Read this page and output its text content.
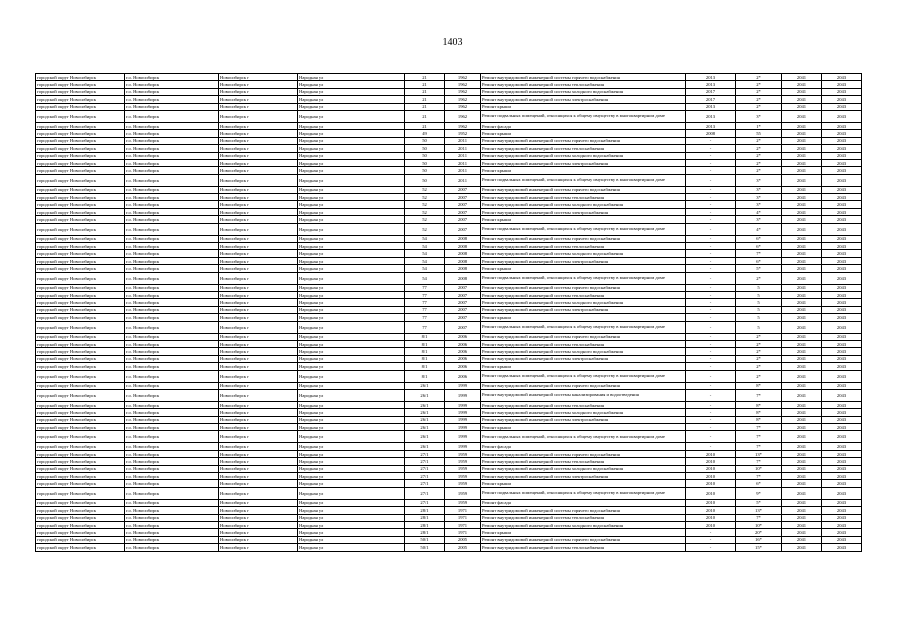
1403
городской округ Новосибирск	г.о. Новосибирск	Новосибирск г	Народная ул	21	1962	Ремонт внутридомовой инженерной системы горячего водоснабжения	2013	2*	2041	2043
городской округ Новосибирск	г.о. Новосибирск	Новосибирск г	Народная ул	21	1962	Ремонт внутридомовой инженерной системы теплоснабжения	2013	2*	2041	2043
городской округ Новосибирск	г.о. Новосибирск	Новосибирск г	Народная ул	21	1962	Ремонт внутридомовой инженерной системы холодного водоснабжения	2017	2*	2041	2043
городской округ Новосибирск	г.о. Новосибирск	Новосибирск г	Народная ул	21	1962	Ремонт внутридомовой инженерной системы электроснабжения	2017	2*	2041	2043
городской округ Новосибирск	г.о. Новосибирск	Новосибирск г	Народная ул	21	1962	Ремонт крыши	2013	2*	2041	2043
городской округ Новосибирск	г.о. Новосибирск	Новосибирск г	Народная ул	21	1962	Ремонт подвальных помещений, относящихся к общему имуществу в многоквартирном доме	2013	3*	2041	2043
городской округ Новосибирск	г.о. Новосибирск	Новосибирск г	Народная ул	21	1962	Ремонт фасада	2013	1*	2041	2043
городской округ Новосибирск	г.о. Новосибирск	Новосибирск г	Народная ул	49	1952	Ремонт крыши	2008	55	2041	2043
городской округ Новосибирск	г.о. Новосибирск	Новосибирск г	Народная ул	50	2011	Ремонт внутридомовой инженерной системы горячего водоснабжения	-	2*	2041	2043
городской округ Новосибирск	г.о. Новосибирск	Новосибирск г	Народная ул	50	2011	Ремонт внутридомовой инженерной системы теплоснабжения	-	2*	2041	2043
городской округ Новосибирск	г.о. Новосибирск	Новосибирск г	Народная ул	50	2011	Ремонт внутридомовой инженерной системы холодного водоснабжения	-	2*	2041	2043
городской округ Новосибирск	г.о. Новосибирск	Новосибирск г	Народная ул	50	2011	Ремонт внутридомовой инженерной системы электроснабжения	-	2*	2041	2043
городской округ Новосибирск	г.о. Новосибирск	Новосибирск г	Народная ул	50	2011	Ремонт крыши	-	2*	2041	2043
городской округ Новосибирск	г.о. Новосибирск	Новосибирск г	Народная ул	50	2011	Ремонт подвальных помещений, относящихся к общему имуществу в многоквартирном доме	-	3*	2041	2043
городской округ Новосибирск	г.о. Новосибирск	Новосибирск г	Народная ул	52	2007	Ремонт внутридомовой инженерной системы горячего водоснабжения	-	3*	2041	2043
городской округ Новосибирск	г.о. Новосибирск	Новосибирск г	Народная ул	52	2007	Ремонт внутридомовой инженерной системы теплоснабжения	-	3*	2041	2043
городской округ Новосибирск	г.о. Новосибирск	Новосибирск г	Народная ул	52	2007	Ремонт внутридомовой инженерной системы холодного водоснабжения	-	3*	2041	2043
городской округ Новосибирск	г.о. Новосибирск	Новосибирск г	Народная ул	52	2007	Ремонт внутридомовой инженерной системы электроснабжения	-	4*	2041	2043
городской округ Новосибирск	г.о. Новосибирск	Новосибирск г	Народная ул	52	2007	Ремонт крыши	-	3*	2041	2043
городской округ Новосибирск	г.о. Новосибирск	Новосибирск г	Народная ул	52	2007	Ремонт подвальных помещений, относящихся к общему имуществу в многоквартирном доме	-	4*	2041	2043
городской округ Новосибирск	г.о. Новосибирск	Новосибирск г	Народная ул	54	2008	Ремонт внутридомовой инженерной системы горячего водоснабжения	-	6*	2041	2043
городской округ Новосибирск	г.о. Новосибирск	Новосибирск г	Народная ул	54	2008	Ремонт внутридомовой инженерной системы теплоснабжения	-	6*	2041	2043
городской округ Новосибирск	г.о. Новосибирск	Новосибирск г	Народная ул	54	2008	Ремонт внутридомовой инженерной системы холодного водоснабжения	-	7*	2041	2043
городской округ Новосибирск	г.о. Новосибирск	Новосибирск г	Народная ул	54	2008	Ремонт внутридомовой инженерной системы электроснабжения	-	6*	2041	2043
городской округ Новосибирск	г.о. Новосибирск	Новосибирск г	Народная ул	54	2008	Ремонт крыши	-	5*	2041	2043
городской округ Новосибирск	г.о. Новосибирск	Новосибирск г	Народная ул	54	2008	Ремонт подвальных помещений, относящихся к общему имуществу в многоквартирном доме	-	2*	2041	2043
городской округ Новосибирск	г.о. Новосибирск	Новосибирск г	Народная ул	77	2007	Ремонт внутридомовой инженерной системы горячего водоснабжения	-	5	2041	2043
городской округ Новосибирск	г.о. Новосибирск	Новосибирск г	Народная ул	77	2007	Ремонт внутридомовой инженерной системы теплоснабжения	-	5	2041	2043
городской округ Новосибирск	г.о. Новосибирск	Новосибирск г	Народная ул	77	2007	Ремонт внутридомовой инженерной системы холодного водоснабжения	-	5	2041	2043
городской округ Новосибирск	г.о. Новосибирск	Новосибирск г	Народная ул	77	2007	Ремонт внутридомовой инженерной системы электроснабжения	-	5	2041	2043
городской округ Новосибирск	г.о. Новосибирск	Новосибирск г	Народная ул	77	2007	Ремонт крыши	-	5	2041	2043
городской округ Новосибирск	г.о. Новосибирск	Новосибирск г	Народная ул	77	2007	Ремонт подвальных помещений, относящихся к общему имуществу в многоквартирном доме	-	5	2041	2043
городской округ Новосибирск	г.о. Новосибирск	Новосибирск г	Народная ул	8/1	2006	Ремонт внутридомовой инженерной системы горячего водоснабжения	-	2*	2041	2043
городской округ Новосибирск	г.о. Новосибирск	Новосибирск г	Народная ул	8/1	2006	Ремонт внутридомовой инженерной системы теплоснабжения	-	2*	2041	2043
городской округ Новосибирск	г.о. Новосибирск	Новосибирск г	Народная ул	8/1	2006	Ремонт внутридомовой инженерной системы холодного водоснабжения	-	2*	2041	2043
городской округ Новосибирск	г.о. Новосибирск	Новосибирск г	Народная ул	8/1	2006	Ремонт внутридомовой инженерной системы электроснабжения	-	2*	2041	2043
городской округ Новосибирск	г.о. Новосибирск	Новосибирск г	Народная ул	8/1	2006	Ремонт крыши	-	2*	2041	2043
городской округ Новосибирск	г.о. Новосибирск	Новосибирск г	Народная ул	8/1	2006	Ремонт подвальных помещений, относящихся к общему имуществу в многоквартирном доме	-	2*	2041	2043
городской округ Новосибирск	г.о. Новосибирск	Новосибирск г	Народная ул	26/1	1999	Ремонт внутридомовой инженерной системы горячего водоснабжения	-	8*	2041	2043
городской округ Новосибирск	г.о. Новосибирск	Новосибирск г	Народная ул	26/1	1999	Ремонт внутридомовой инженерной системы канализирования и водоотведения	-	7*	2041	2043
городской округ Новосибирск	г.о. Новосибирск	Новосибирск г	Народная ул	26/1	1999	Ремонт внутридомовой инженерной системы теплоснабжения	-	8*	2041	2043
городской округ Новосибирск	г.о. Новосибирск	Новосибирск г	Народная ул	26/1	1999	Ремонт внутридомовой инженерной системы холодного водоснабжения	-	8*	2041	2043
городской округ Новосибирск	г.о. Новосибирск	Новосибирск г	Народная ул	26/1	1999	Ремонт внутридомовой инженерной системы электроснабжения	-	8*	2041	2043
городской округ Новосибирск	г.о. Новосибирск	Новосибирск г	Народная ул	26/1	1999	Ремонт крыши	-	7*	2041	2043
городской округ Новосибирск	г.о. Новосибирск	Новосибирск г	Народная ул	26/1	1999	Ремонт подвальных помещений, относящихся к общему имуществу в многоквартирном доме	-	7*	2041	2043
городской округ Новосибирск	г.о. Новосибирск	Новосибирск г	Народная ул	26/1	1999	Ремонт фасада	-	7*	2041	2043
городской округ Новосибирск	г.о. Новосибирск	Новосибирск г	Народная ул	27/1	1959	Ремонт внутридомовой инженерной системы горячего водоснабжения	2010	13*	2041	2043
городской округ Новосибирск	г.о. Новосибирск	Новосибирск г	Народная ул	27/1	1959	Ремонт внутридомовой инженерной системы теплоснабжения	2010	7*	2041	2043
городской округ Новосибирск	г.о. Новосибирск	Новосибирск г	Народная ул	27/1	1959	Ремонт внутридомовой инженерной системы холодного водоснабжения	2010	10*	2041	2043
городской округ Новосибирск	г.о. Новосибирск	Новосибирск г	Народная ул	27/1	1959	Ремонт внутридомовой инженерной системы электроснабжения	2010	7*	2041	2043
городской округ Новосибирск	г.о. Новосибирск	Новосибирск г	Народная ул	27/1	1959	Ремонт крыши	2010	6*	2041	2043
городской округ Новосибирск	г.о. Новосибирск	Новосибирск г	Народная ул	27/1	1959	Ремонт подвальных помещений, относящихся к общему имуществу в многоквартирном доме	2010	9*	2041	2043
городской округ Новосибирск	г.о. Новосибирск	Новосибирск г	Народная ул	27/1	1959	Ремонт фасада	2010	5*	2041	2043
городской округ Новосибирск	г.о. Новосибирск	Новосибирск г	Народная ул	28/1	1971	Ремонт внутридомовой инженерной системы горячего водоснабжения	2010	13*	2041	2043
городской округ Новосибирск	г.о. Новосибирск	Новосибирск г	Народная ул	28/1	1971	Ремонт внутридомовой инженерной системы теплоснабжения	2010	7*	2041	2043
городской округ Новосибирск	г.о. Новосибирск	Новосибирск г	Народная ул	28/1	1971	Ремонт внутридомовой инженерной системы холодного водоснабжения	2010	10*	2041	2043
городской округ Новосибирск	г.о. Новосибирск	Новосибирск г	Народная ул	28/1	1971	Ремонт крыши	-	20*	2041	2043
городской округ Новосибирск	г.о. Новосибирск	Новосибирск г	Народная ул	50/1	2005	Ремонт внутридомовой инженерной системы горячего водоснабжения	-	16*	2041	2043
городской округ Новосибирск	г.о. Новосибирск	Новосибирск г	Народная ул	50/1	2005	Ремонт внутридомовой инженерной системы теплоснабжения	-	15*	2041	2043
